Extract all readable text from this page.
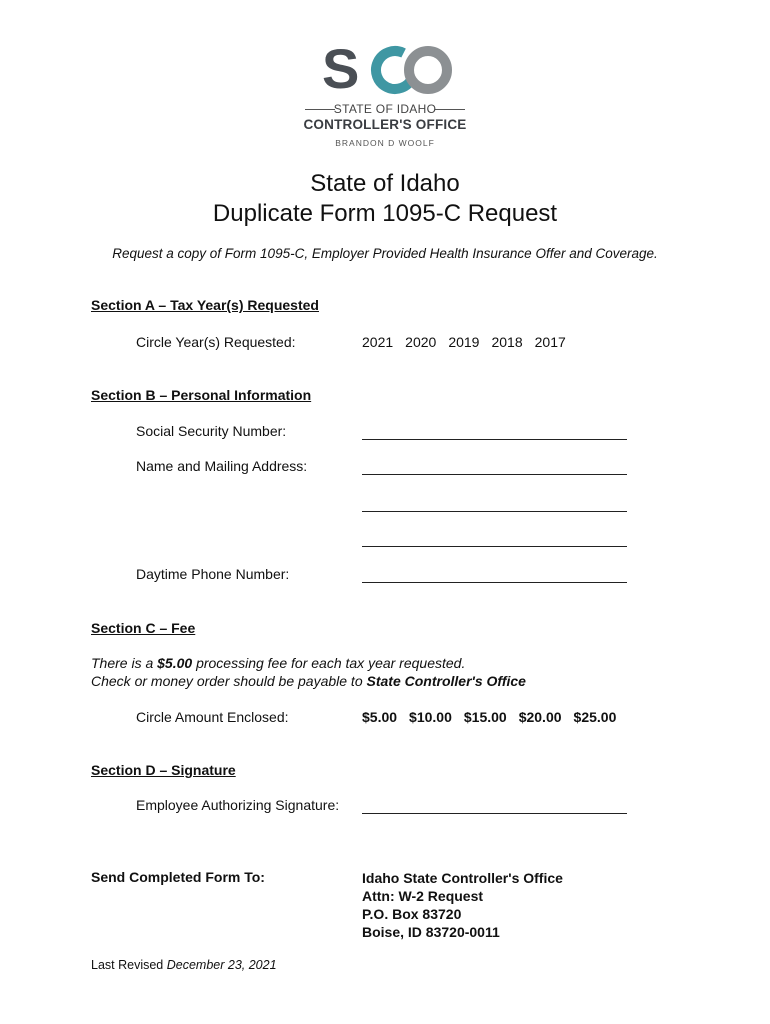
S
STATE OF IDAHO
CONTROLLER'S OFFICE
BRANDON D WOOLF
State of Idaho
Duplicate Form 1095-C Request
Request a copy of Form 1095-C, Employer Provided Health Insurance Offer and Coverage.
Section A – Tax Year(s) Requested
Circle Year(s) Requested:	2021 2020 2019 2018 2017
Section B – Personal Information
Social Security Number:
Name and Mailing Address:
Daytime Phone Number:
Section C – Fee
There is a $5.00 processing fee for each tax year requested.
Check or money order should be payable to State Controller's Office
Circle Amount Enclosed:	$5.00 $10.00 $15.00 $20.00 $25.00
Section D – Signature
Employee Authorizing Signature:
Send Completed Form To:	Idaho State Controller's Office
Attn: W-2 Request
P.O. Box 83720
Boise, ID 83720-0011
Last Revised December 23, 2021
